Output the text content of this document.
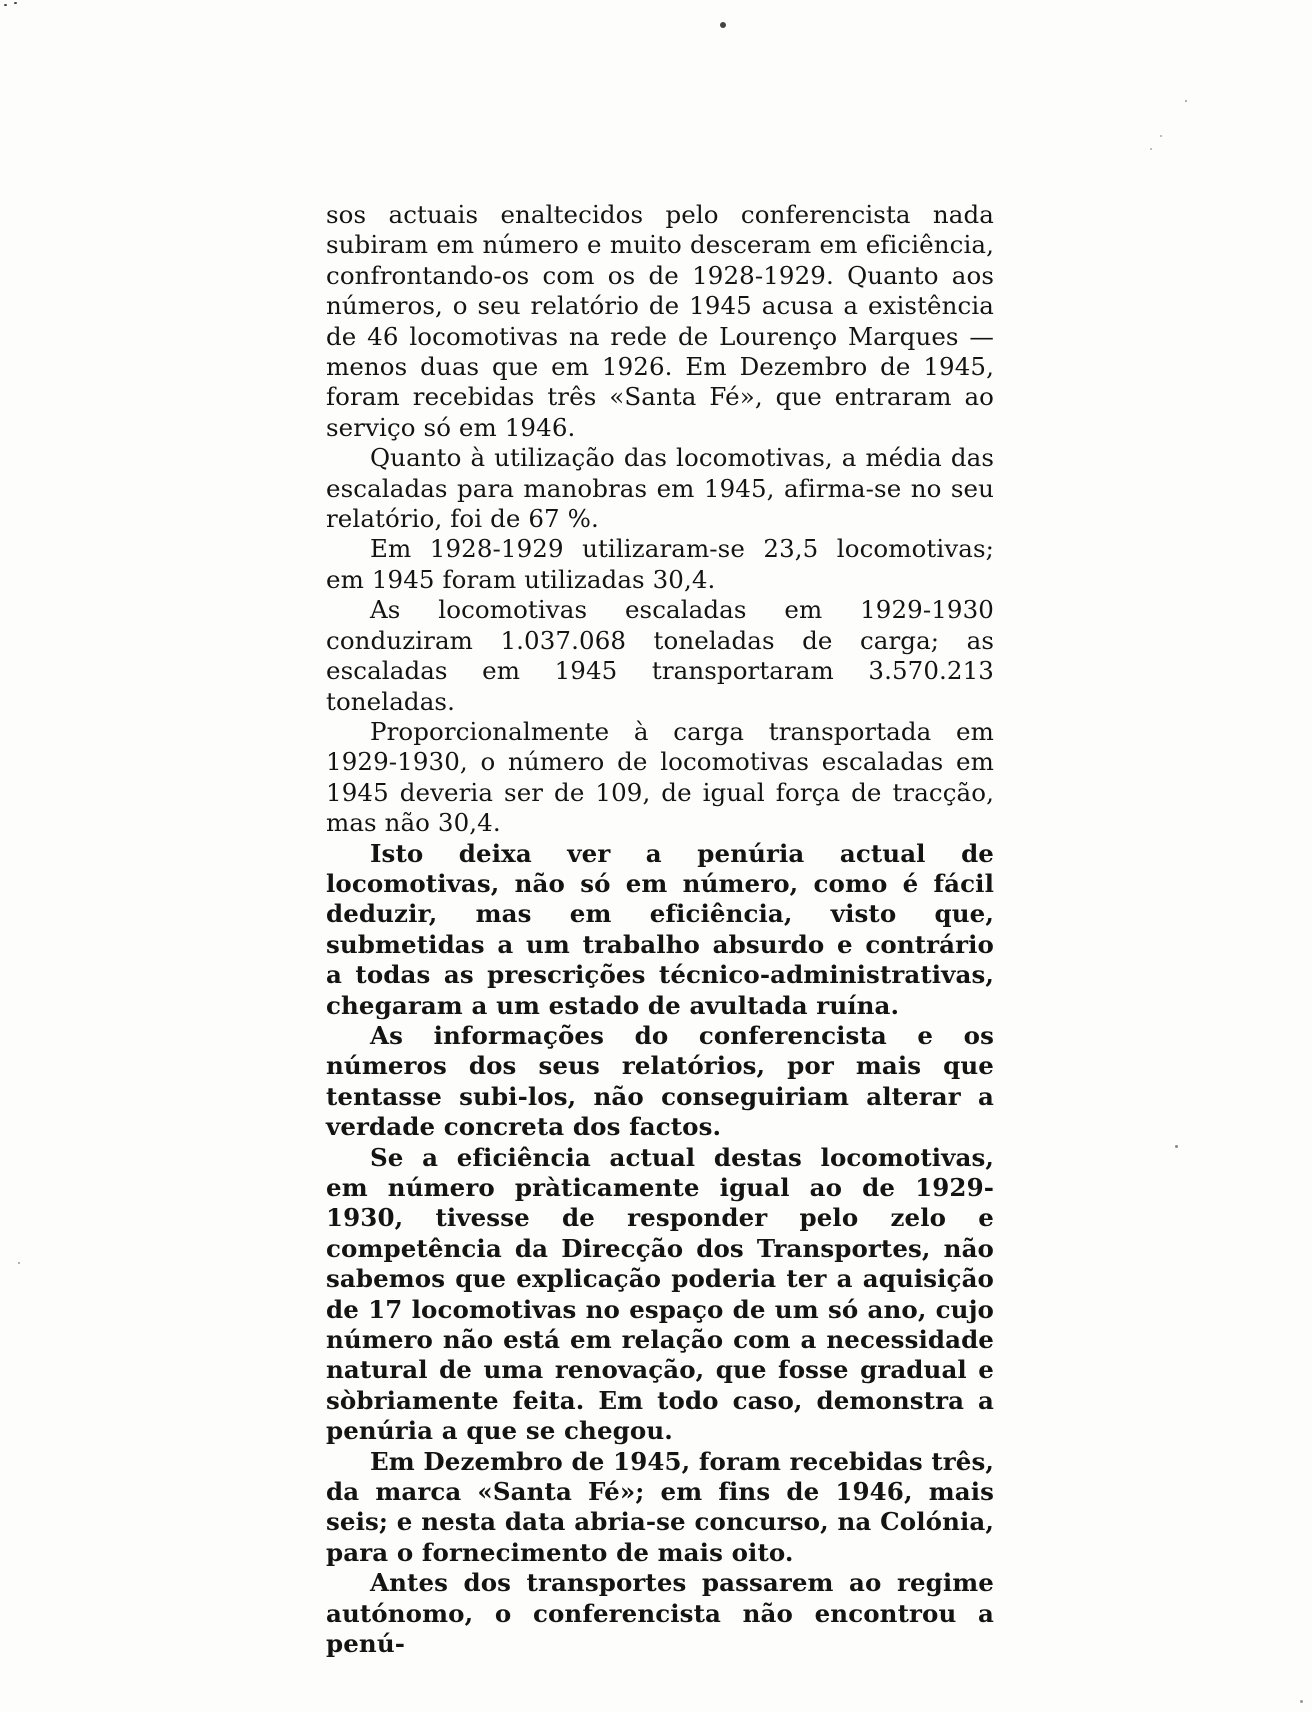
sos actuais enaltecidos pelo conferencista nada subiram em número e muito desceram em eficiência, confrontando-os com os de 1928-1929. Quanto aos números, o seu relatório de 1945 acusa a existência de 46 locomotivas na rede de Lourenço Marques — menos duas que em 1926. Em Dezembro de 1945, foram recebidas três «Santa Fé», que entraram ao serviço só em 1946.

Quanto à utilização das locomotivas, a média das escaladas para manobras em 1945, afirma-se no seu relatório, foi de 67 %.

Em 1928-1929 utilizaram-se 23,5 locomotivas; em 1945 foram utilizadas 30,4.

As locomotivas escaladas em 1929-1930 conduziram 1.037.068 toneladas de carga; as escaladas em 1945 transportaram 3.570.213 toneladas.

Proporcionalmente à carga transportada em 1929-1930, o número de locomotivas escaladas em 1945 deveria ser de 109, de igual força de tracção, mas não 30,4.

Isto deixa ver a penúria actual de locomotivas, não só em número, como é fácil deduzir, mas em eficiência, visto que, submetidas a um trabalho absurdo e contrário a todas as prescrições técnico-administrativas, chegaram a um estado de avultada ruína.

As informações do conferencista e os números dos seus relatórios, por mais que tentasse subi-los, não conseguiriam alterar a verdade concreta dos factos.

Se a eficiência actual destas locomotivas, em número pràticamente igual ao de 1929-1930, tivesse de responder pelo zelo e competência da Direcção dos Transportes, não sabemos que explicação poderia ter a aquisição de 17 locomotivas no espaço de um só ano, cujo número não está em relação com a necessidade natural de uma renovação, que fosse gradual e sòbriamente feita. Em todo caso, demonstra a penúria a que se chegou.

Em Dezembro de 1945, foram recebidas três, da marca «Santa Fé»; em fins de 1946, mais seis; e nesta data abria-se concurso, na Colónia, para o fornecimento de mais oito.

Antes dos transportes passarem ao regime autónomo, o conferencista não encontrou a penú-
